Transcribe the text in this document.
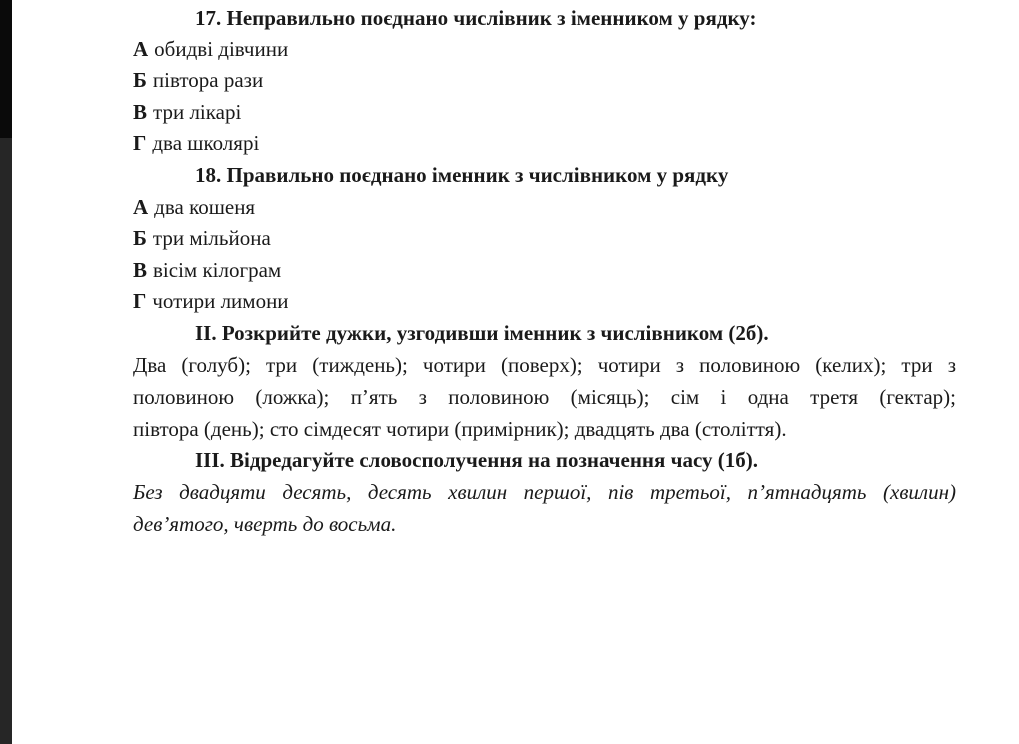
17. Неправильно поєднано числівник з іменником у рядку:
А обидві дівчини
Б півтора рази
В три лікарі
Г два школярі
18. Правильно поєднано іменник з числівником у рядку
А два кошеня
Б три мільйона
В вісім кілограм
Г чотири лимони
II. Розкрийте дужки, узгодивши іменник з числівником (2б).
Два (голуб); три (тиждень); чотири (поверх); чотири з половиною (келих); три з
половиною (ложка); п’ять з половиною (місяць); сім і одна третя (гектар);
півтора (день); сто сімдесят чотири (примірник); двадцять два (століття).
III. Відредагуйте словосполучення на позначення часу (1б).
Без двадцяти десять, десять хвилин першої, пів третьої, п’ятнадцять (хвилин)
дев’ятого, чверть до восьма.
